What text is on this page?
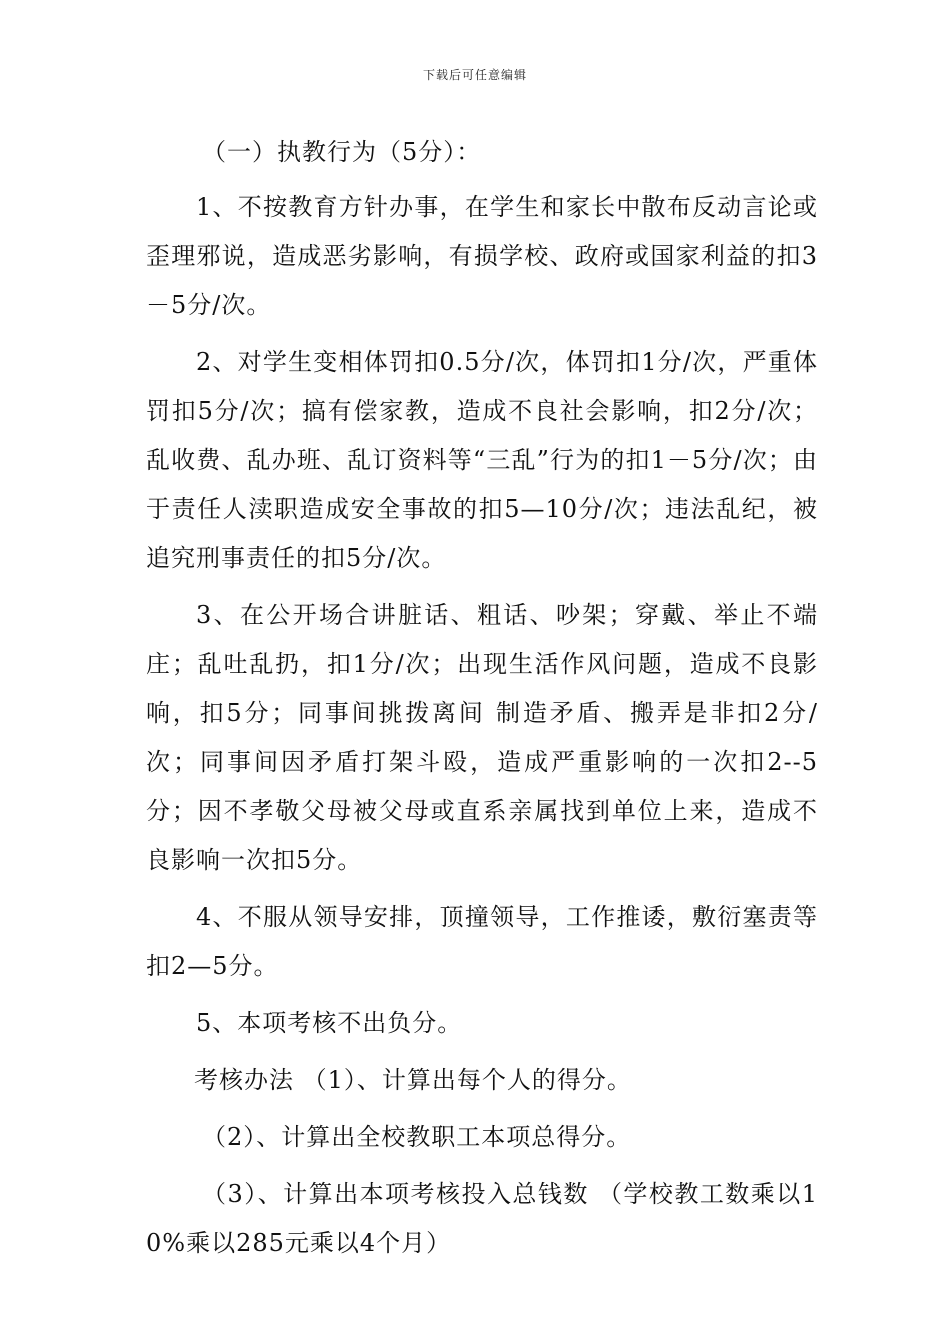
下载后可任意编辑

（一）执教行为（5分）：

1、不按教育方针办事，在学生和家长中散布反动言论或歪理邪说，造成恶劣影响，有损学校、政府或国家利益的扣3－5分/次。

2、对学生变相体罚扣0.5分/次，体罚扣1分/次，严重体罚扣5分/次；搞有偿家教，造成不良社会影响，扣2分/次；乱收费、乱办班、乱订资料等“三乱”行为的扣1－5分/次；由于责任人渎职造成安全事故的扣5—10分/次；违法乱纪，被追究刑事责任的扣5分/次。

3、在公开场合讲脏话、粗话、吵架；穿戴、举止不端庄；乱吐乱扔，扣1分/次；出现生活作风问题，造成不良影响，扣5分；同事间挑拨离间 制造矛盾、搬弄是非扣2分/次；同事间因矛盾打架斗殴，造成严重影响的一次扣2--5分；因不孝敬父母被父母或直系亲属找到单位上来，造成不良影响一次扣5分。

4、不服从领导安排，顶撞领导，工作推诿，敷衍塞责等扣2—5分。

5、本项考核不出负分。

考核办法 （1）、计算出每个人的得分。

（2）、计算出全校教职工本项总得分。

（3）、计算出本项考核投入总钱数 （学校教工数乘以10%乘以285元乘以4个月）
